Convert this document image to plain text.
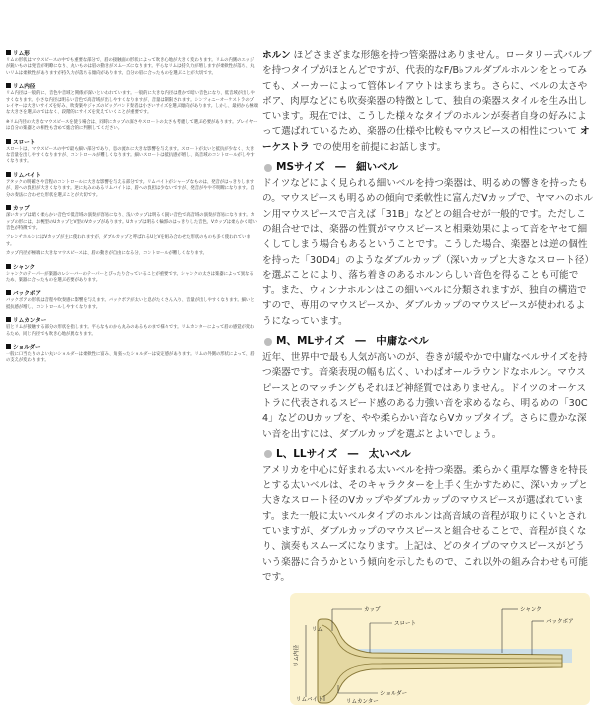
リム形

リムの形状はマウスピースの中でも重要な部分で、唇の接触面の形状によって吹き心地が大きく変わります。リムの内側のエッジが鋭いものは発音が明瞭になり、丸いものは唇の動きがスムーズになります。平らなリムは持久力が増しますが柔軟性が落ち、丸いリムは柔軟性がありますが持久力が落ちる傾向があります。自分の唇に合ったものを選ぶことが大切です。

リム内径

リム内径は一般的に、音色や音域と関係が深いといわれています。一般的に大きな内径は豊かで暗い音色になり、低音域が出しやすくなります。小さな内径は明るい音色で高音域が出しやすくなりますが、音量は制限されます。シンフォニーオーケストラのプレイヤーは大きいサイズを好み、吹奏楽やジャズのビッグバンド奏者は小さいサイズを選ぶ傾向があります。しかし、最初から極端な大きさを選ぶのではなく、段階的にサイズを変えていくことが重要です。

※リム内径の大きなマウスピースを使う場合は、同時にカップの深さやスロートの太さも考慮して選ぶ必要があります。プレイヤーは自分の楽器との相性も含めて総合的に判断してください。

スロート

スロートは、マウスピースの中で最も細い部分であり、息の流れに大きな影響を与えます。スロートが太いと抵抗が少なく、大きな音量を出しやすくなりますが、コントロールが難しくなります。細いスロートは抵抗感が増し、高音域のコントロールがしやすくなります。

リムバイト

アタックの明確さや音程のコントロールに大きな影響を与える部分です。リムバイトがシャープなものは、発音がはっきりしますが、唇への負担が大きくなります。逆に丸みのあるリムバイトは、唇への負担は少ないですが、発音がやや不明瞭になります。自分の奏法に合わせた形状を選ぶことが大切です。

カップ

深いカップは暗く柔らかい音色で低音域の演奏が容易になり、浅いカップは明るく鋭い音色で高音域の演奏が容易になります。カップの形には、お椀型のUカップとV型のVカップがあります。Uカップは明るく輪郭のはっきりした音色、Vカップは柔らかく暗い音色が特徴です。

フレンチホルンにはVカップが主に使われますが、ダブルカップと呼ばれるUとVを組み合わせた形状のものも多く使われています。

カップ内径が極端に大きなマウスピースは、唇の動きが自由になる分、コントロールが難しくなります。

シャンク

シャンクのテーパーが楽器のレシーバーのテーパーとぴったり合っていることが重要です。シャンクの太さは楽器によって異なるため、楽器に合ったものを選ぶ必要があります。

バックボア

バックボアの形状は音程や吹奏感に影響を与えます。バックボアが太いと息がたくさん入り、音量が出しやすくなります。細いと抵抗感が増し、コントロールしやすくなります。

リムカンター

唇とリムが接触する部分の形状を指します。平らなものから丸みのあるものまで様々です。リムカンターによって唇の感覚が変わるため、同じ内径でも吹き心地が異なります。

ショルダー

一般に口当たりのよい丸いショルダーは柔軟性に富み、角張ったショルダーは安定感があります。リムの外側の形状によって、唇の支えが変わります。

ホルン ほどさまざまな形態を持つ管楽器はありません。ロータリー式バルブを持つタイプがほとんどですが、代表的なF/B♭フルダブルホルンをとってみても、メーカーによって管体レイアウトはまちまち。さらに、ベルの太さやボア、肉厚などにも吹奏楽器の特徴として、独自の楽器スタイルを生み出しています。現在では、こうした様々なタイプのホルンが奏者自身の好みによって選ばれているため、楽器の仕様や比較もマウスピースの相性について オーケストラ での使用を前提にお話します。

MSサイズ　―　細いベル

ドイツなどによく見られる細いベルを持つ楽器は、明るめの響きを持ったもの。マウスピースも明るめの傾向で柔軟性に富んだVカップで、ヤマハのホルン用マウスピースで言えば「31B」などとの組合せが一般的です。ただしこの組合せでは、楽器の性質がマウスピースと相乗効果によって音をヤセて細くしてしまう場合もあるということです。こうした場合、楽器とは逆の個性を持った「30D4」のようなダブルカップ（深いカップと大きなスロート径）を選ぶことにより、落ち着きのあるホルンらしい音色を得ることも可能です。また、ウィンナホルンはこの細いベルに分類されますが、独自の構造ですので、専用のマウスピースか、ダブルカップのマウスピースが使われるようになっています。

M、MLサイズ　―　中庸なベル

近年、世界中で最も人気が高いのが、巻きが緩やかで中庸なベルサイズを持つ楽器です。音楽表現の幅も広く、いわばオールラウンドなホルン。マウスピースとのマッチングもそれほど神経質ではありません。ドイツのオーケストラに代表されるスピード感のある力強い音を求めるなら、明るめの「30C4」などのUカップを、やや柔らかい音ならVカップタイプ。さらに豊かな深い音を出すには、ダブルカップを選ぶとよいでしょう。

L、LLサイズ　―　太いベル

アメリカを中心に好まれる太いベルを持つ楽器。柔らかく重厚な響きを特長とする太いベルは、そのキャラクターを上手く生かすために、深いカップと大きなスロート径のVカップやダブルカップのマウスピースが選ばれています。また一般に太いベルタイプのホルンは高音域の音程が取りにくいとされていますが、ダブルカップのマウスピースと組合せることで、音程が良くなり、演奏もスムーズになります。上記は、どのタイプのマウスピースがどういう楽器に合うかという傾向を示したもので、これ以外の組み合わせも可能です。

カップ
スロート
シャンク
バックボア
リム内径
リム
リムバイト
ショルダー
リムカンター
